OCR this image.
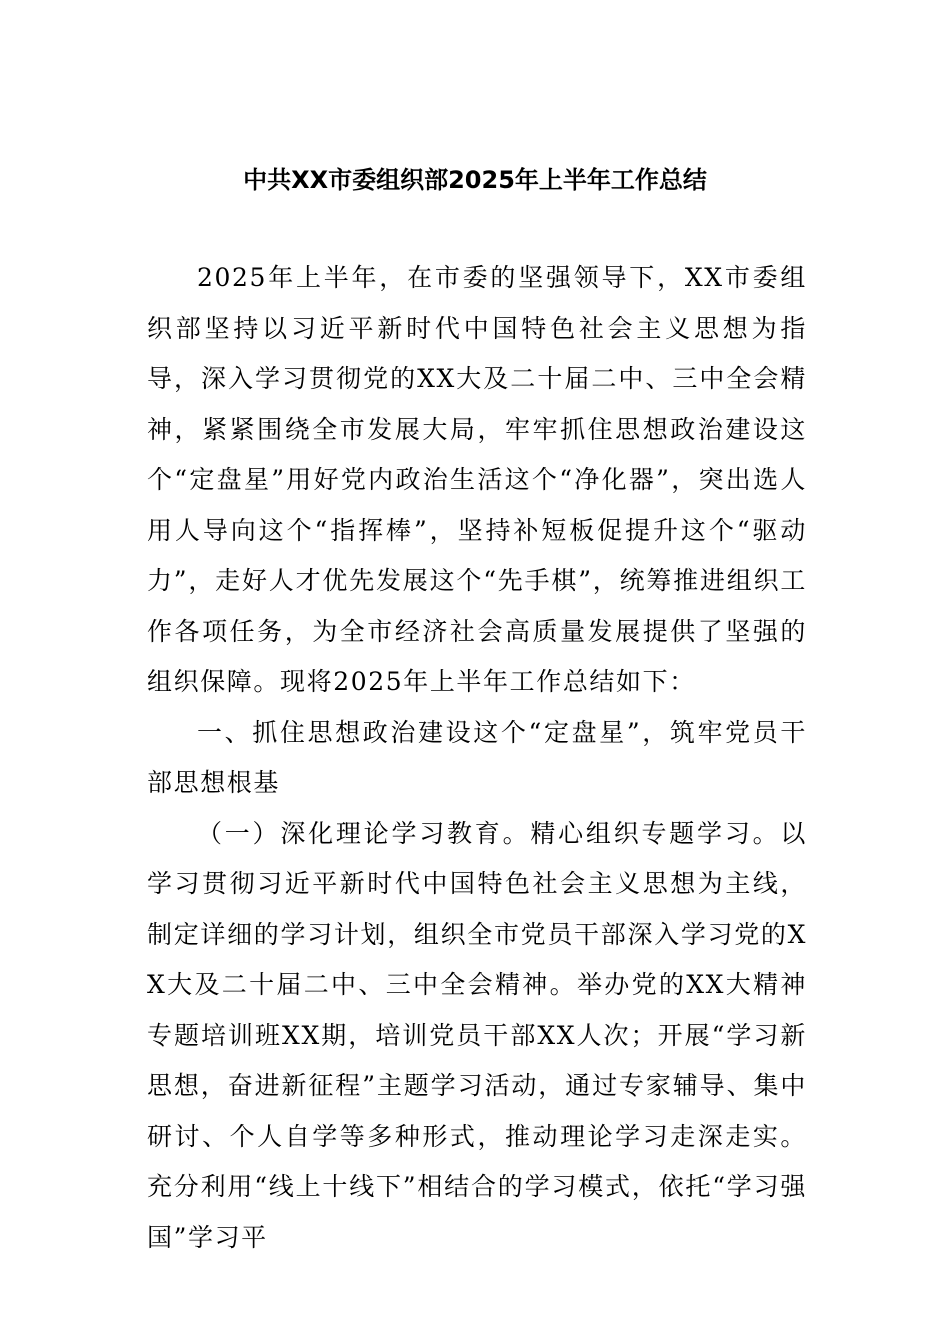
中共XX市委组织部2025年上半年工作总结

2025年上半年，在市委的坚强领导下，XX市委组织部坚持以习近平新时代中国特色社会主义思想为指导，深入学习贯彻党的XX大及二十届二中、三中全会精神，紧紧围绕全市发展大局，牢牢抓住思想政治建设这个“定盘星”用好党内政治生活这个“净化器”，突出选人用人导向这个“指挥棒”，坚持补短板促提升这个“驱动力”，走好人才优先发展这个“先手棋”，统筹推进组织工作各项任务，为全市经济社会高质量发展提供了坚强的组织保障。现将2025年上半年工作总结如下：

一、抓住思想政治建设这个“定盘星”，筑牢党员干部思想根基

（一）深化理论学习教育。精心组织专题学习。以学习贯彻习近平新时代中国特色社会主义思想为主线，制定详细的学习计划，组织全市党员干部深入学习党的XX大及二十届二中、三中全会精神。举办党的XX大精神专题培训班XX期，培训党员干部XX人次；开展“学习新思想，奋进新征程”主题学习活动，通过专家辅导、集中研讨、个人自学等多种形式，推动理论学习走深走实。充分利用“线上十线下”相结合的学习模式，依托“学习强国”学习平
